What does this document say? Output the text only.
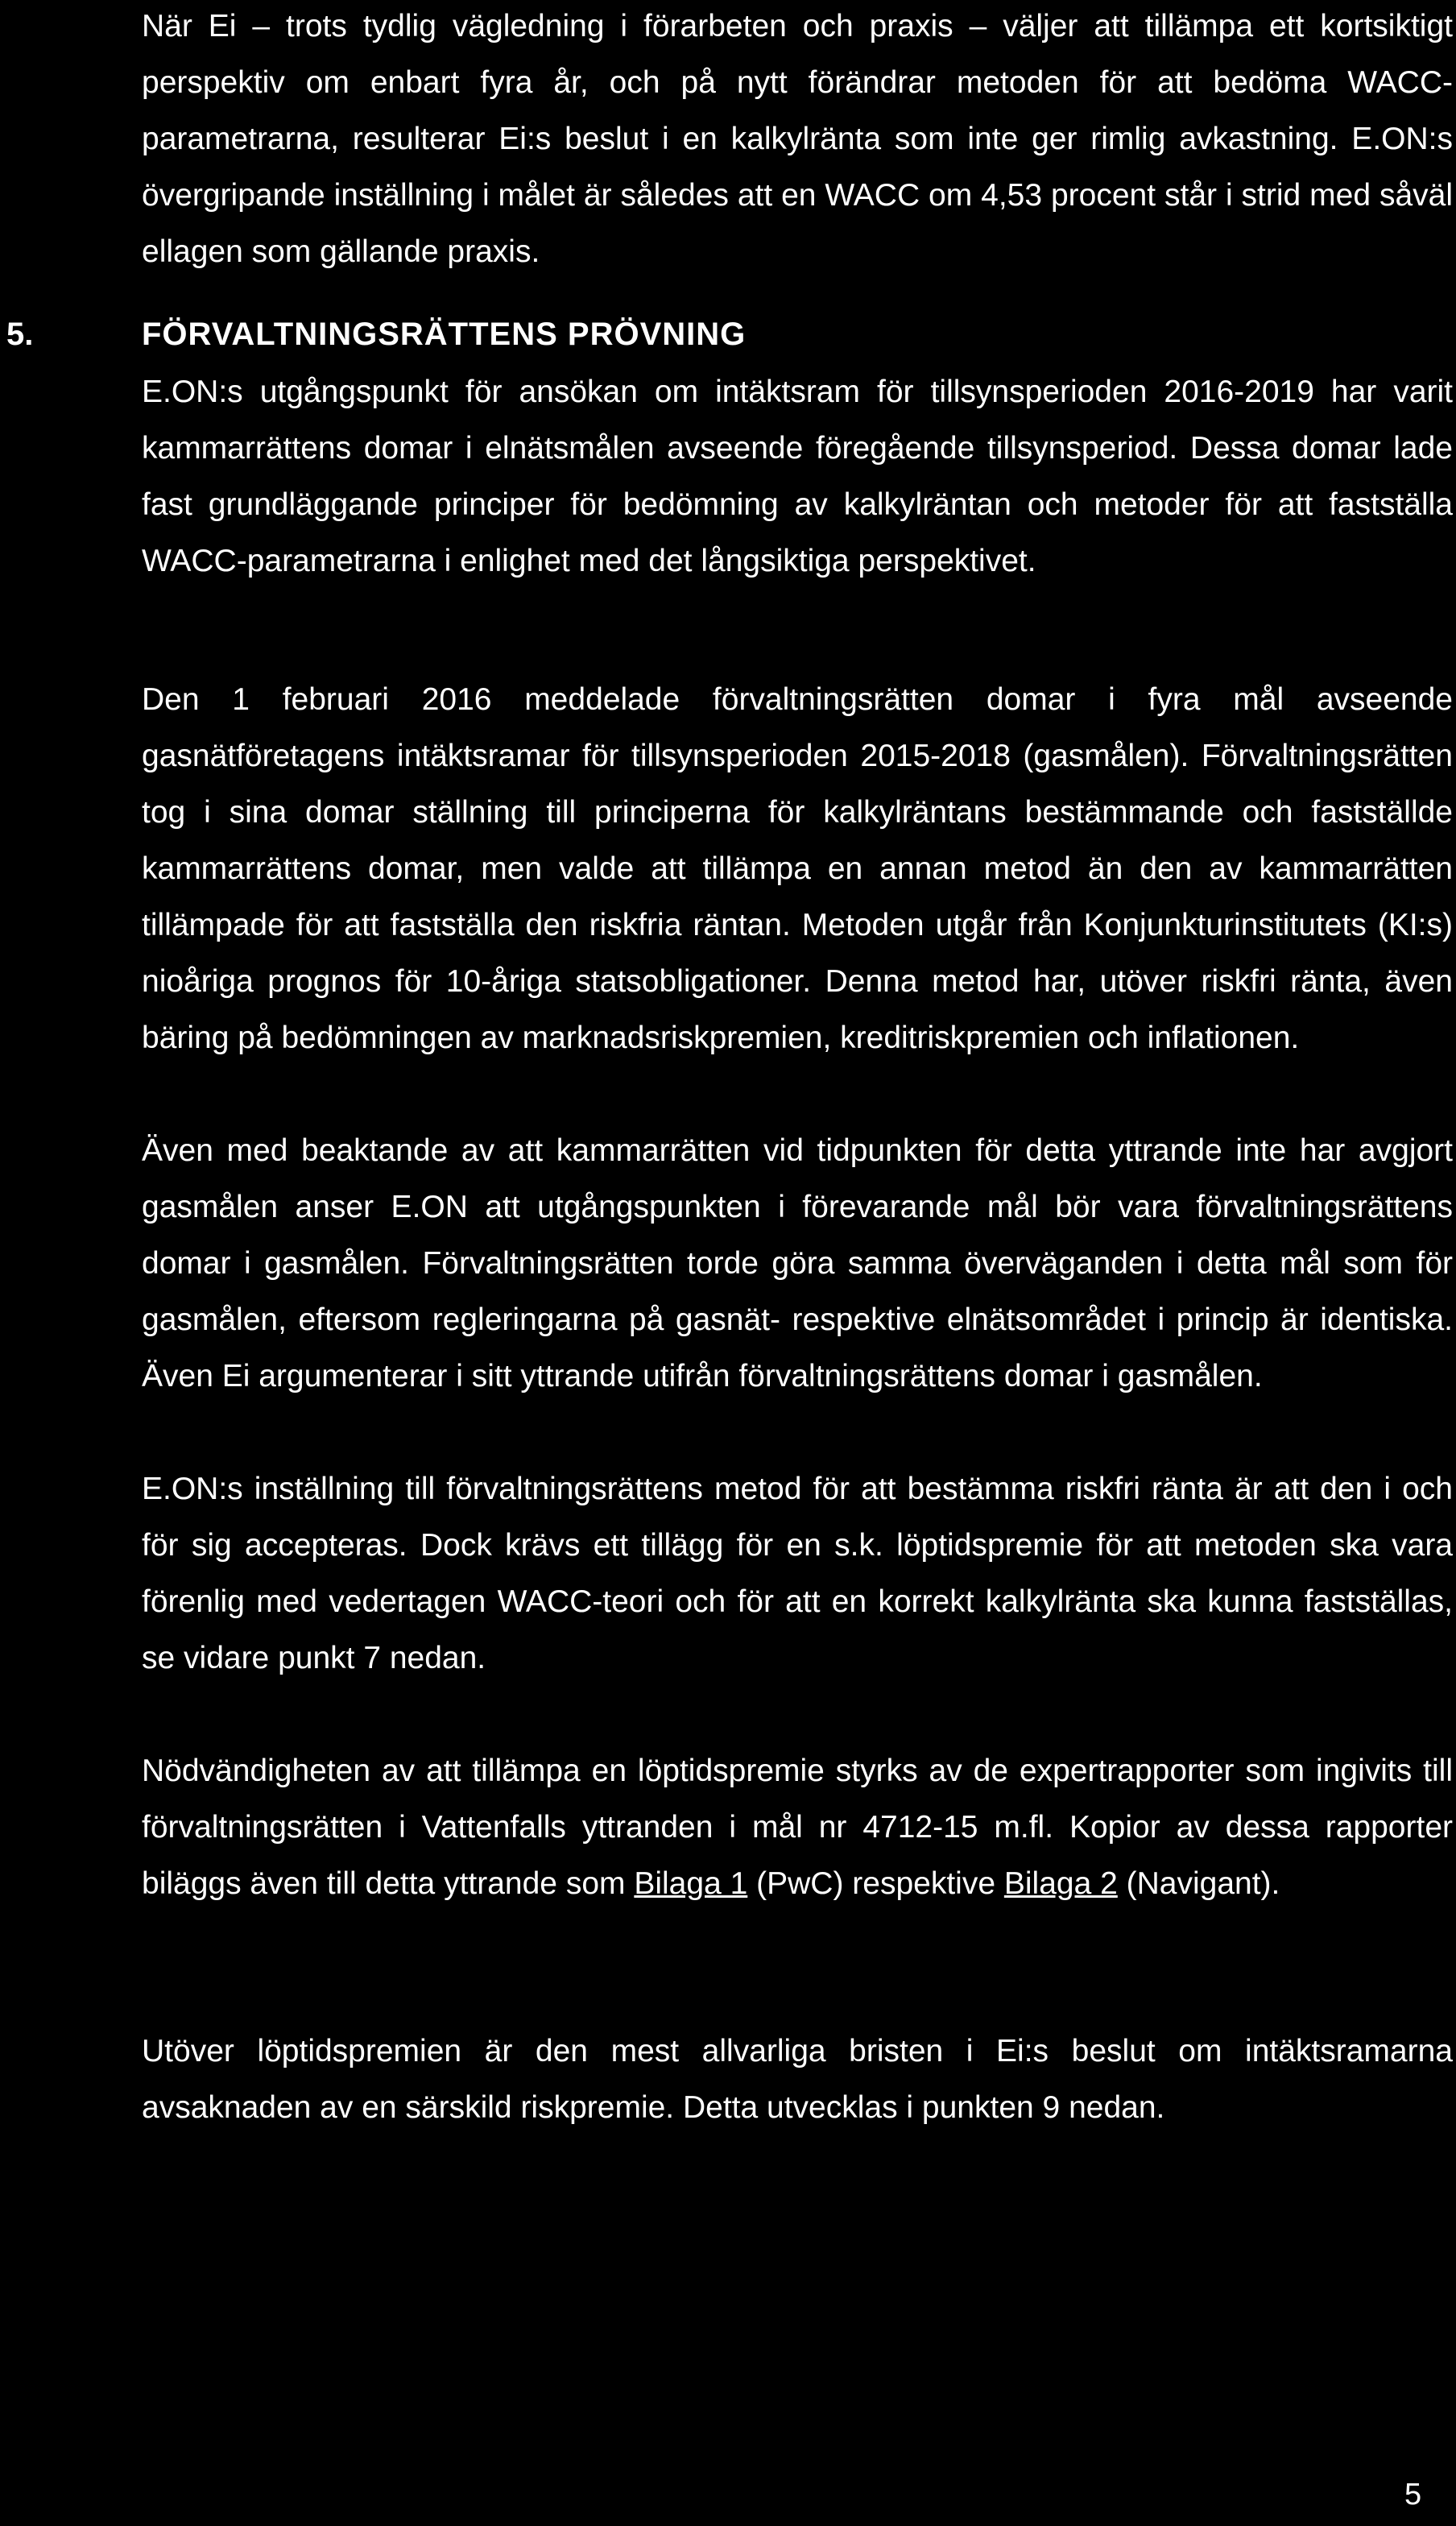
När Ei – trots tydlig vägledning i förarbeten och praxis – väljer att tillämpa ett kortsiktigt perspektiv om enbart fyra år, och på nytt förändrar metoden för att bedöma WACC-parametrarna, resulterar Ei:s beslut i en kalkylränta som inte ger rimlig avkastning. E.ON:s övergripande inställning i målet är således att en WACC om 4,53 procent står i strid med såväl ellagen som gällande praxis.

5.	FÖRVALTNINGSRÄTTENS PRÖVNING

E.ON:s utgångspunkt för ansökan om intäktsram för tillsynsperioden 2016-2019 har varit kammarrättens domar i elnätsmålen avseende föregående tillsynsperiod. Dessa domar lade fast grundläggande principer för bedömning av kalkylräntan och metoder för att fastställa WACC-parametrarna i enlighet med det långsiktiga perspektivet.

Den 1 februari 2016 meddelade förvaltningsrätten domar i fyra mål avseende gasnätföretagens intäktsramar för tillsynsperioden 2015-2018 (gasmålen). Förvaltningsrätten tog i sina domar ställning till principerna för kalkylräntans bestämmande och fastställde kammarrättens domar, men valde att tillämpa en annan metod än den av kammarrätten tillämpade för att fastställa den riskfria räntan. Metoden utgår från Konjunkturinstitutets (KI:s) nioåriga prognos för 10-åriga statsobligationer. Denna metod har, utöver riskfri ränta, även bäring på bedömningen av marknadsriskpremien, kreditriskpremien och inflationen.

Även med beaktande av att kammarrätten vid tidpunkten för detta yttrande inte har avgjort gasmålen anser E.ON att utgångspunkten i förevarande mål bör vara förvaltningsrättens domar i gasmålen. Förvaltningsrätten torde göra samma överväganden i detta mål som för gasmålen, eftersom regleringarna på gasnät- respektive elnätsområdet i princip är identiska. Även Ei argumenterar i sitt yttrande utifrån förvaltningsrättens domar i gasmålen.

E.ON:s inställning till förvaltningsrättens metod för att bestämma riskfri ränta är att den i och för sig accepteras. Dock krävs ett tillägg för en s.k. löptidspremie för att metoden ska vara förenlig med vedertagen WACC-teori och för att en korrekt kalkylränta ska kunna fastställas, se vidare punkt 7 nedan.

Nödvändigheten av att tillämpa en löptidspremie styrks av de expertrapporter som ingivits till förvaltningsrätten i Vattenfalls yttranden i mål nr 4712-15 m.fl. Kopior av dessa rapporter biläggs även till detta yttrande som Bilaga 1 (PwC) respektive Bilaga 2 (Navigant).

Utöver löptidspremien är den mest allvarliga bristen i Ei:s beslut om intäktsramarna avsaknaden av en särskild riskpremie. Detta utvecklas i punkten 9 nedan.

5
